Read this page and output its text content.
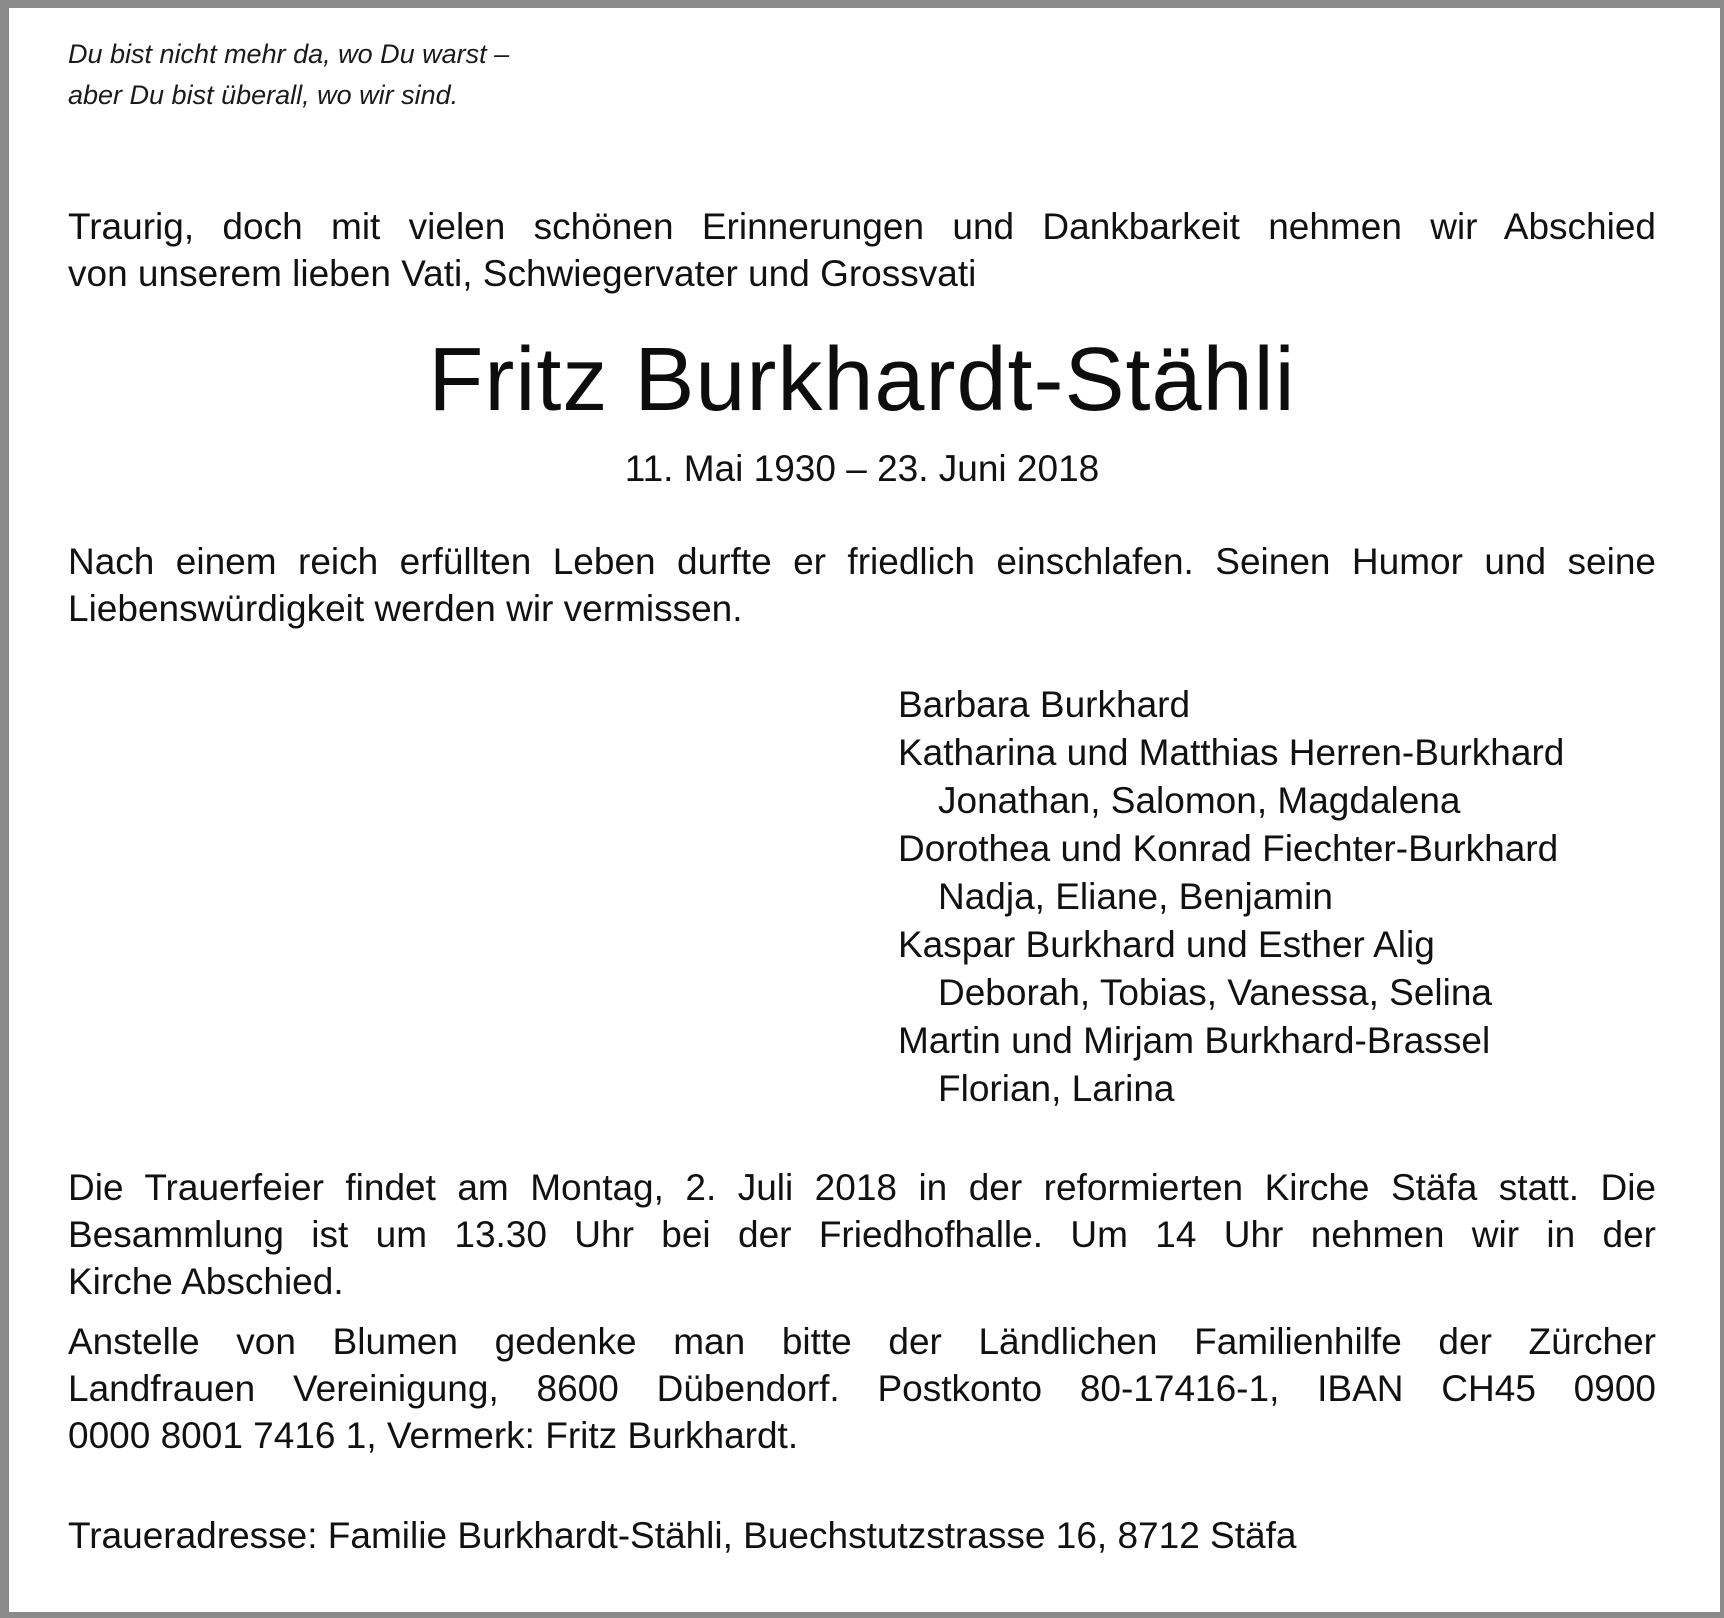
Du bist nicht mehr da, wo Du warst –
aber Du bist überall, wo wir sind.
Traurig, doch mit vielen schönen Erinnerungen und Dankbarkeit nehmen wir Abschied
von unserem lieben Vati, Schwiegervater und Grossvati
Fritz Burkhardt-Stähli
11. Mai 1930 – 23. Juni 2018
Nach einem reich erfüllten Leben durfte er friedlich einschlafen. Seinen Humor und seine
Liebenswürdigkeit werden wir vermissen.
Barbara Burkhard
Katharina und Matthias Herren-Burkhard
Jonathan, Salomon, Magdalena
Dorothea und Konrad Fiechter-Burkhard
Nadja, Eliane, Benjamin
Kaspar Burkhard und Esther Alig
Deborah, Tobias, Vanessa, Selina
Martin und Mirjam Burkhard-Brassel
Florian, Larina
Die Trauerfeier findet am Montag, 2. Juli 2018 in der reformierten Kirche Stäfa statt. Die
Besammlung ist um 13.30 Uhr bei der Friedhofhalle. Um 14 Uhr nehmen wir in der
Kirche Abschied.
Anstelle von Blumen gedenke man bitte der Ländlichen Familienhilfe der Zürcher
Landfrauen Vereinigung, 8600 Dübendorf. Postkonto 80-17416-1, IBAN CH45 0900
0000 8001 7416 1, Vermerk: Fritz Burkhardt.
Traueradresse: Familie Burkhardt-Stähli, Buechstutzstrasse 16, 8712 Stäfa
